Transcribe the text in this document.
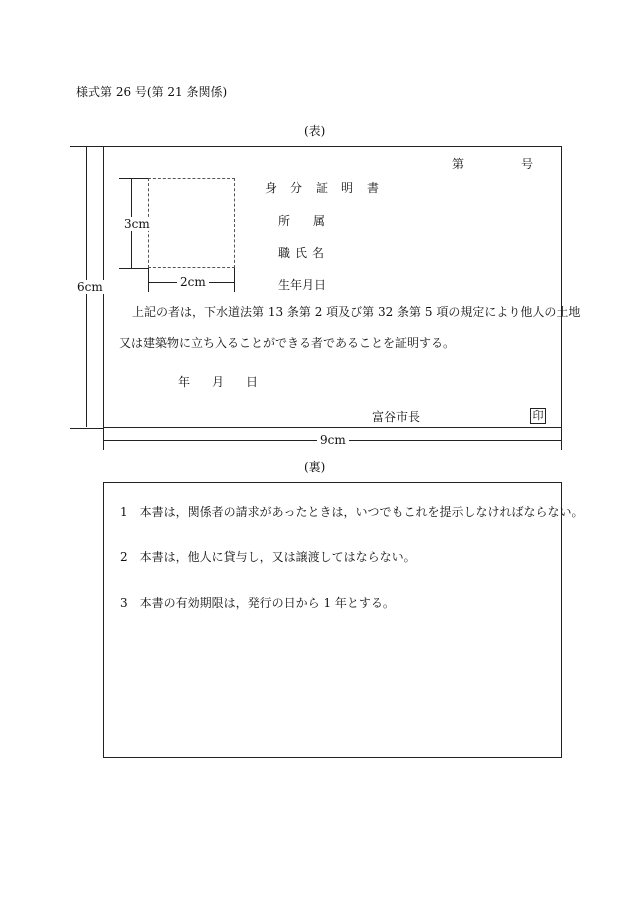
様式第 26 号(第 21 条関係)
(表)
6cm
9cm
第	号
3cm
2cm
身 分 証 明 書
所 属
職 氏 名
生年月日
上記の者は，下水道法第 13 条第 2 項及び第 32 条第 5 項の規定により他人の土地
又は建築物に立ち入ることができる者であることを証明する。
年 月 日
富谷市長	印
(裏)
1　本書は，関係者の請求があったときは，いつでもこれを提示しなければならない。
2　本書は，他人に貸与し，又は譲渡してはならない。
3　本書の有効期限は，発行の日から 1 年とする。
